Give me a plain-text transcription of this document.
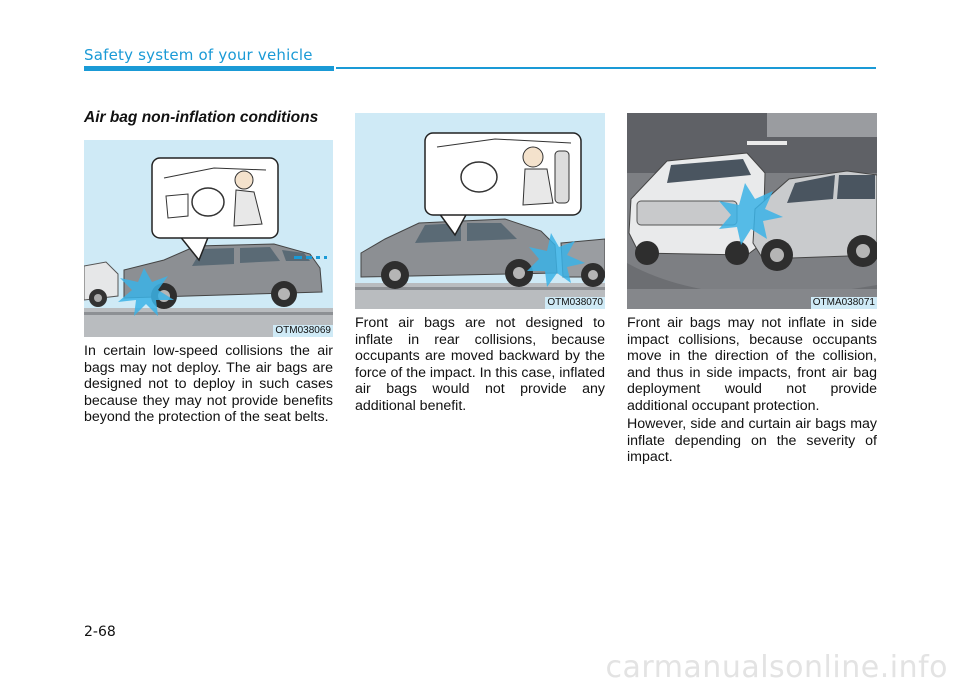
Safety system of your vehicle
Air bag non-inflation conditions
OTM038069
OTM038070	OTMA038071

In certain low-speed collisions the air bags may not deploy. The air bags are designed not to deploy in such cases because they may not provide benefits beyond the protection of the seat belts.

Front air bags are not designed to inflate in rear collisions, because occupants are moved backward by the force of the impact. In this case, inflated air bags would not provide any additional benefit.

Front air bags may not inflate in side impact collisions, because occupants move in the direction of the collision, and thus in side impacts, front air bag deployment would not provide additional occupant protection.

However, side and curtain air bags may inflate depending on the severity of impact.

2-68
carmanualsonline.info
